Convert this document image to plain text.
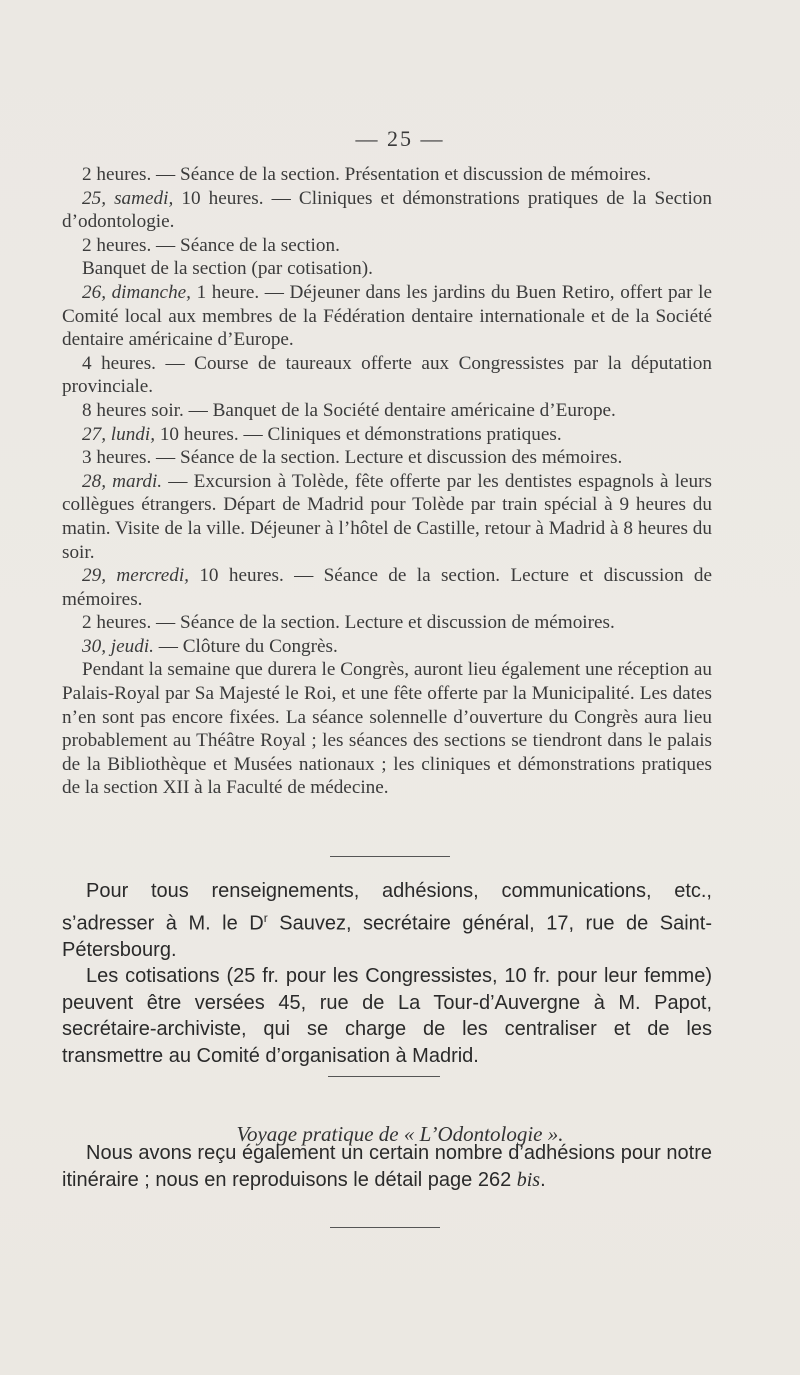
— 25 —

2 heures. — Séance de la section. Présentation et discussion de mémoires.

25, samedi, 10 heures. — Cliniques et démonstrations pratiques de la Section d’odontologie.

2 heures. — Séance de la section.

Banquet de la section (par cotisation).

26, dimanche, 1 heure. — Déjeuner dans les jardins du Buen Retiro, offert par le Comité local aux membres de la Fédération dentaire internationale et de la Société dentaire américaine d’Europe.

4 heures. — Course de taureaux offerte aux Congressistes par la députation provinciale.

8 heures soir. — Banquet de la Société dentaire américaine d’Europe.

27, lundi, 10 heures. — Cliniques et démonstrations pratiques.

3 heures. — Séance de la section. Lecture et discussion des mémoires.

28, mardi. — Excursion à Tolède, fête offerte par les dentistes espagnols à leurs collègues étrangers. Départ de Madrid pour Tolède par train spécial à 9 heures du matin. Visite de la ville. Déjeuner à l’hôtel de Castille, retour à Madrid à 8 heures du soir.

29, mercredi, 10 heures. — Séance de la section. Lecture et discussion de mémoires.

2 heures. — Séance de la section. Lecture et discussion de mémoires.

30, jeudi. — Clôture du Congrès.

Pendant la semaine que durera le Congrès, auront lieu également une réception au Palais-Royal par Sa Majesté le Roi, et une fête offerte par la Municipalité. Les dates n’en sont pas encore fixées. La séance solennelle d’ouverture du Congrès aura lieu probablement au Théâtre Royal ; les séances des sections se tiendront dans le palais de la Bibliothèque et Musées nationaux ; les cliniques et démonstrations pratiques de la section XII à la Faculté de médecine.

Pour tous renseignements, adhésions, communications, etc., s’adresser à M. le $D^r$ Sauvez, secrétaire général, 17, rue de Saint-Pétersbourg.

Les cotisations (25 fr. pour les Congressistes, 10 fr. pour leur femme) peuvent être versées 45, rue de La Tour-d’Auvergne à M. Papot, secrétaire-archiviste, qui se charge de les centraliser et de les transmettre au Comité d’organisation à Madrid.

Voyage pratique de « L’Odontologie ».

Nous avons reçu également un certain nombre d’adhésions pour notre itinéraire ; nous en reproduisons le détail page 262 bis.
